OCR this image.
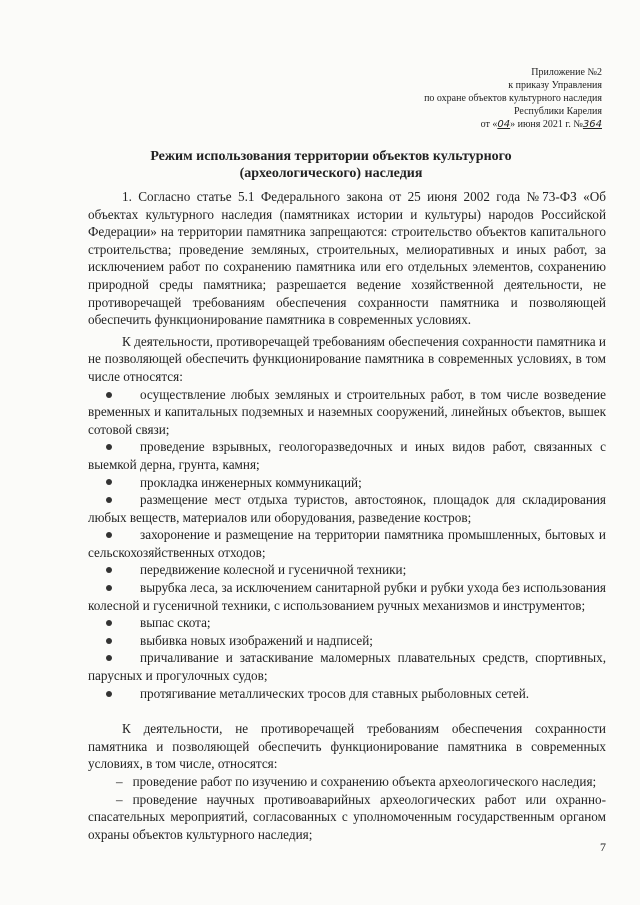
Приложение №2
к приказу Управления
по охране объектов культурного наследия
Республики Карелия
от «04» июня 2021 г. №364
Режим использования территории объектов культурного (археологического) наследия

1. Согласно статье 5.1 Федерального закона от 25 июня 2002 года №73-ФЗ «Об объектах культурного наследия (памятниках истории и культуры) народов Российской Федерации» на территории памятника запрещаются: строительство объектов капитального строительства; проведение земляных, строительных, мелиоративных и иных работ, за исключением работ по сохранению памятника или его отдельных элементов, сохранению природной среды памятника; разрешается ведение хозяйственной деятельности, не противоречащей требованиям обеспечения сохранности памятника и позволяющей обеспечить функционирование памятника в современных условиях.

К деятельности, противоречащей требованиям обеспечения сохранности памятника и не позволяющей обеспечить функционирование памятника в современных условиях, в том числе относятся:

осуществление любых земляных и строительных работ, в том числе возведение временных и капитальных подземных и наземных сооружений, линейных объектов, вышек сотовой связи;
проведение взрывных, геологоразведочных и иных видов работ, связанных с выемкой дерна, грунта, камня;
прокладка инженерных коммуникаций;
размещение мест отдыха туристов, автостоянок, площадок для складирования любых веществ, материалов или оборудования, разведение костров;
захоронение и размещение на территории памятника промышленных, бытовых и сельскохозяйственных отходов;
передвижение колесной и гусеничной техники;
вырубка леса, за исключением санитарной рубки и рубки ухода без использования колесной и гусеничной техники, с использованием ручных механизмов и инструментов;
выпас скота;
выбивка новых изображений и надписей;
причаливание и затаскивание маломерных плавательных средств, спортивных, парусных и прогулочных судов;
протягивание металлических тросов для ставных рыболовных сетей.

К деятельности, не противоречащей требованиям обеспечения сохранности памятника и позволяющей обеспечить функционирование памятника в современных условиях, в том числе, относятся:

– проведение работ по изучению и сохранению объекта археологического наследия;
– проведение научных противоаварийных археологических работ или охранно-спасательных мероприятий, согласованных с уполномоченным государственным органом охраны объектов культурного наследия;
7
